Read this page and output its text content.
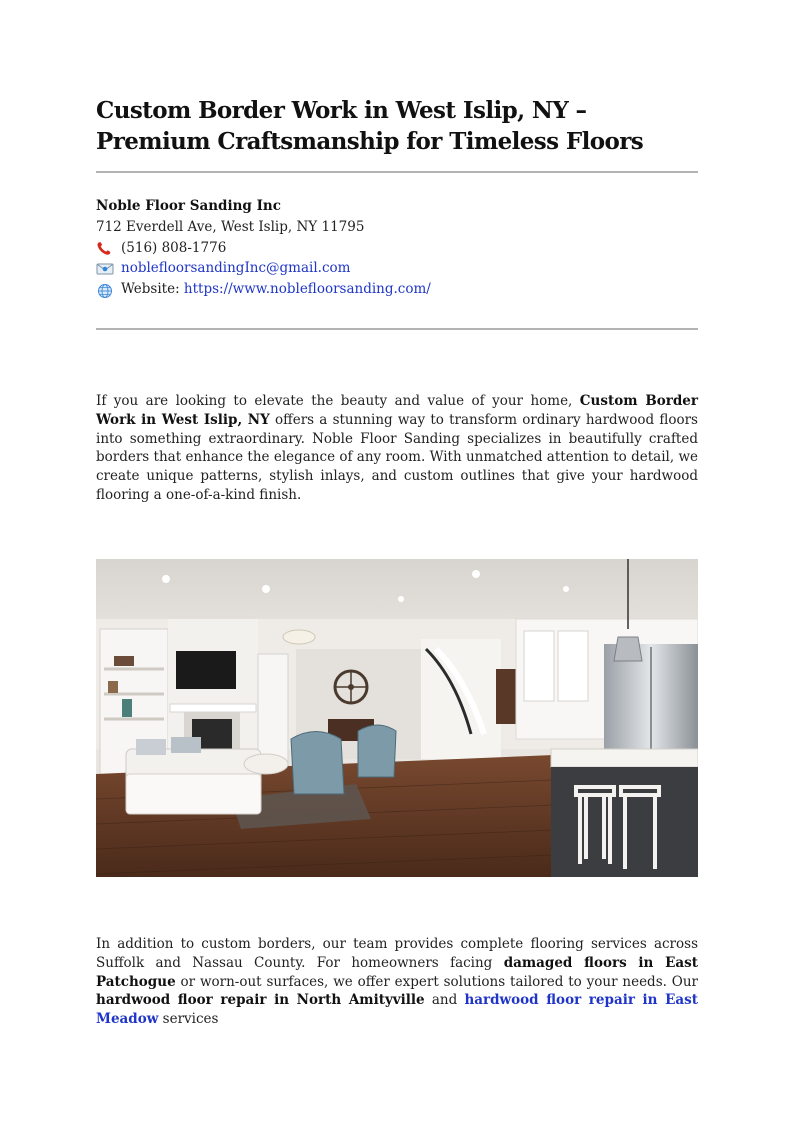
Custom Border Work in West Islip, NY – Premium Craftsmanship for Timeless Floors
Noble Floor Sanding Inc
712 Everdell Ave, West Islip, NY 11795
(516) 808-1776
noblefloorsandingInc@gmail.com
Website:
https://www.noblefloorsanding.com/

If you are looking to elevate the beauty and value of your home, Custom Border Work in West Islip, NY offers a stunning way to transform ordinary hardwood floors into something extraordinary. Noble Floor Sanding specializes in beautifully crafted borders that enhance the elegance of any room. With unmatched attention to detail, we create unique patterns, stylish inlays, and custom outlines that give your hardwood flooring a one-of-a-kind finish.

In addition to custom borders, our team provides complete flooring services across Suffolk and Nassau County. For homeowners facing damaged floors in East Patchogue or worn-out surfaces, we offer expert solutions tailored to your needs. Our hardwood floor repair in North Amityville and hardwood floor repair in East Meadow services
